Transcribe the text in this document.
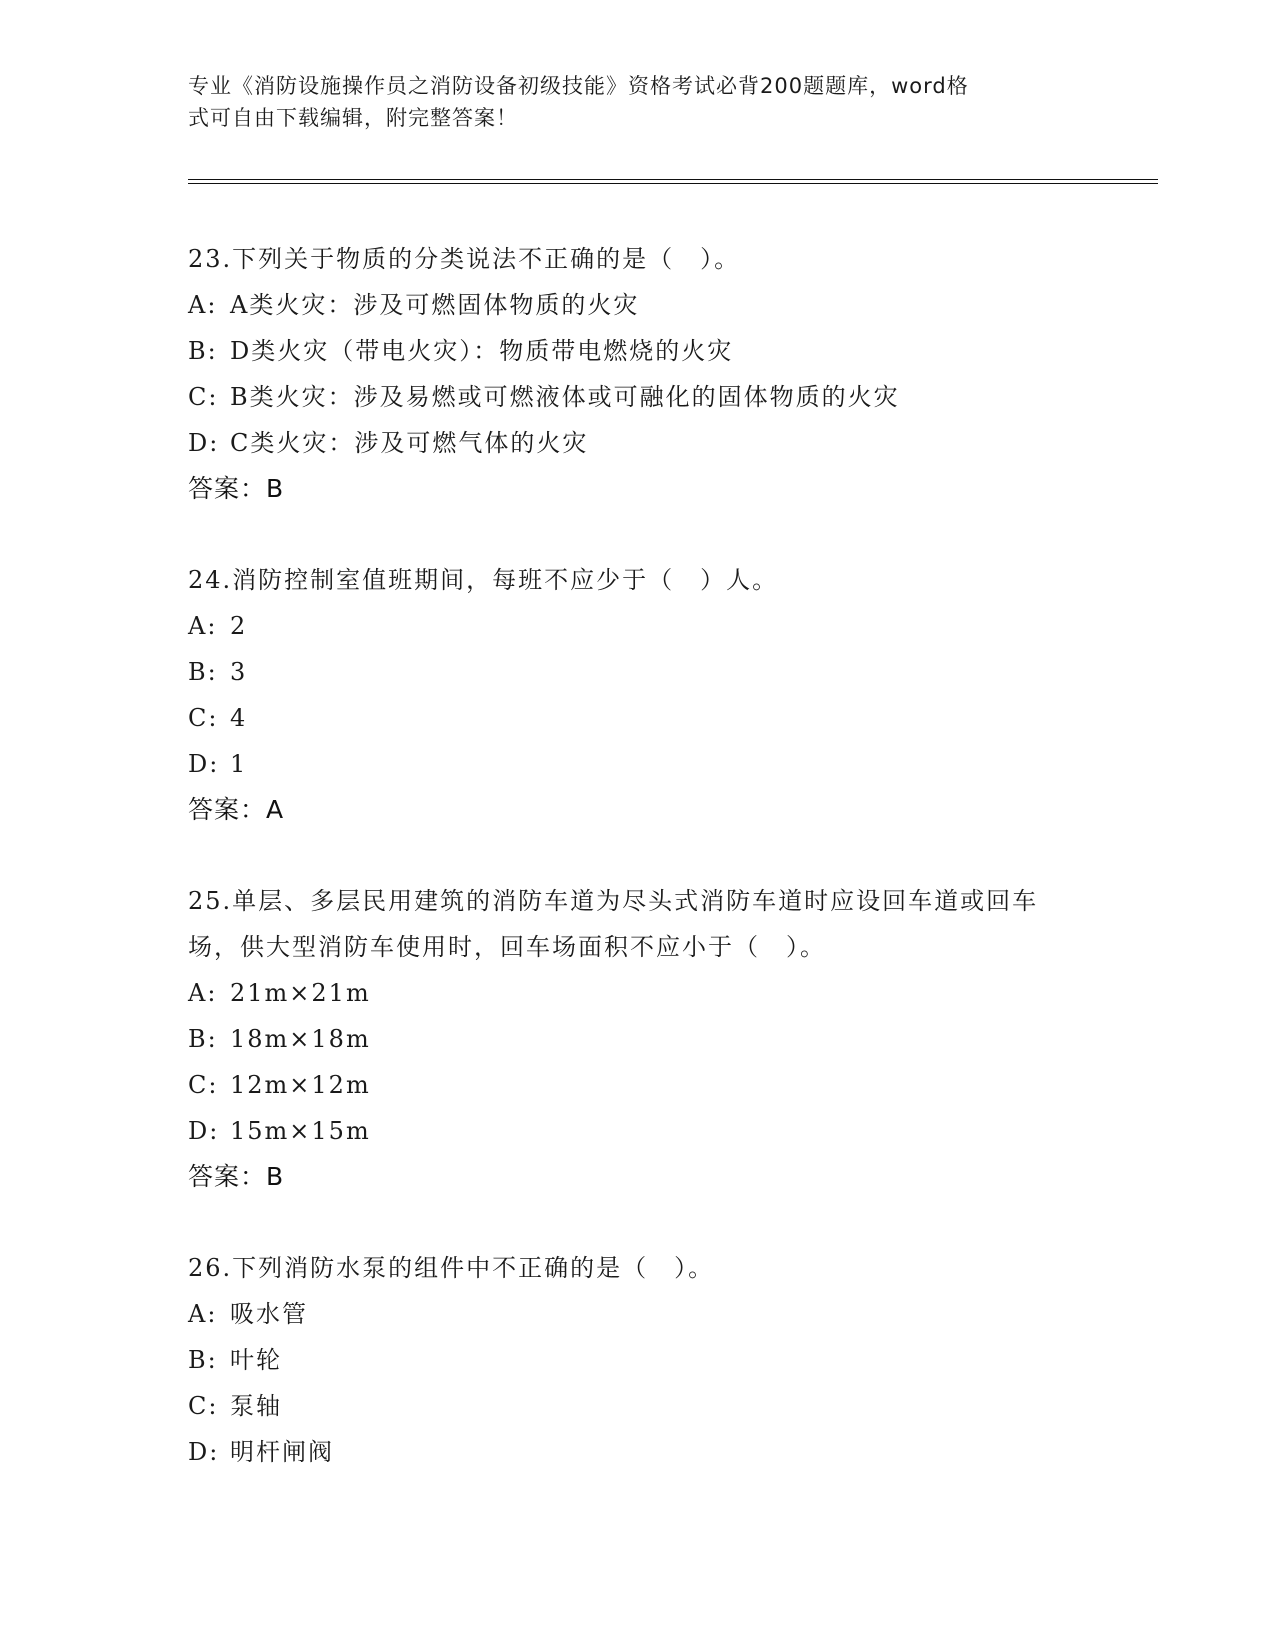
专业《消防设施操作员之消防设备初级技能》资格考试必背200题题库，word格
式可自由下载编辑，附完整答案！
23.下列关于物质的分类说法不正确的是（　）。
A: A类火灾：涉及可燃固体物质的火灾
B: D类火灾（带电火灾）：物质带电燃烧的火灾
C: B类火灾：涉及易燃或可燃液体或可融化的固体物质的火灾
D: C类火灾：涉及可燃气体的火灾
答案：B
24.消防控制室值班期间，每班不应少于（　）人。
A: 2
B: 3
C: 4
D: 1
答案：A
25.单层、多层民用建筑的消防车道为尽头式消防车道时应设回车道或回车场，供大型消防车使用时，回车场面积不应小于（　）。
A: 21m×21m
B: 18m×18m
C: 12m×12m
D: 15m×15m
答案：B
26.下列消防水泵的组件中不正确的是（　）。
A: 吸水管
B: 叶轮
C: 泵轴
D: 明杆闸阀
